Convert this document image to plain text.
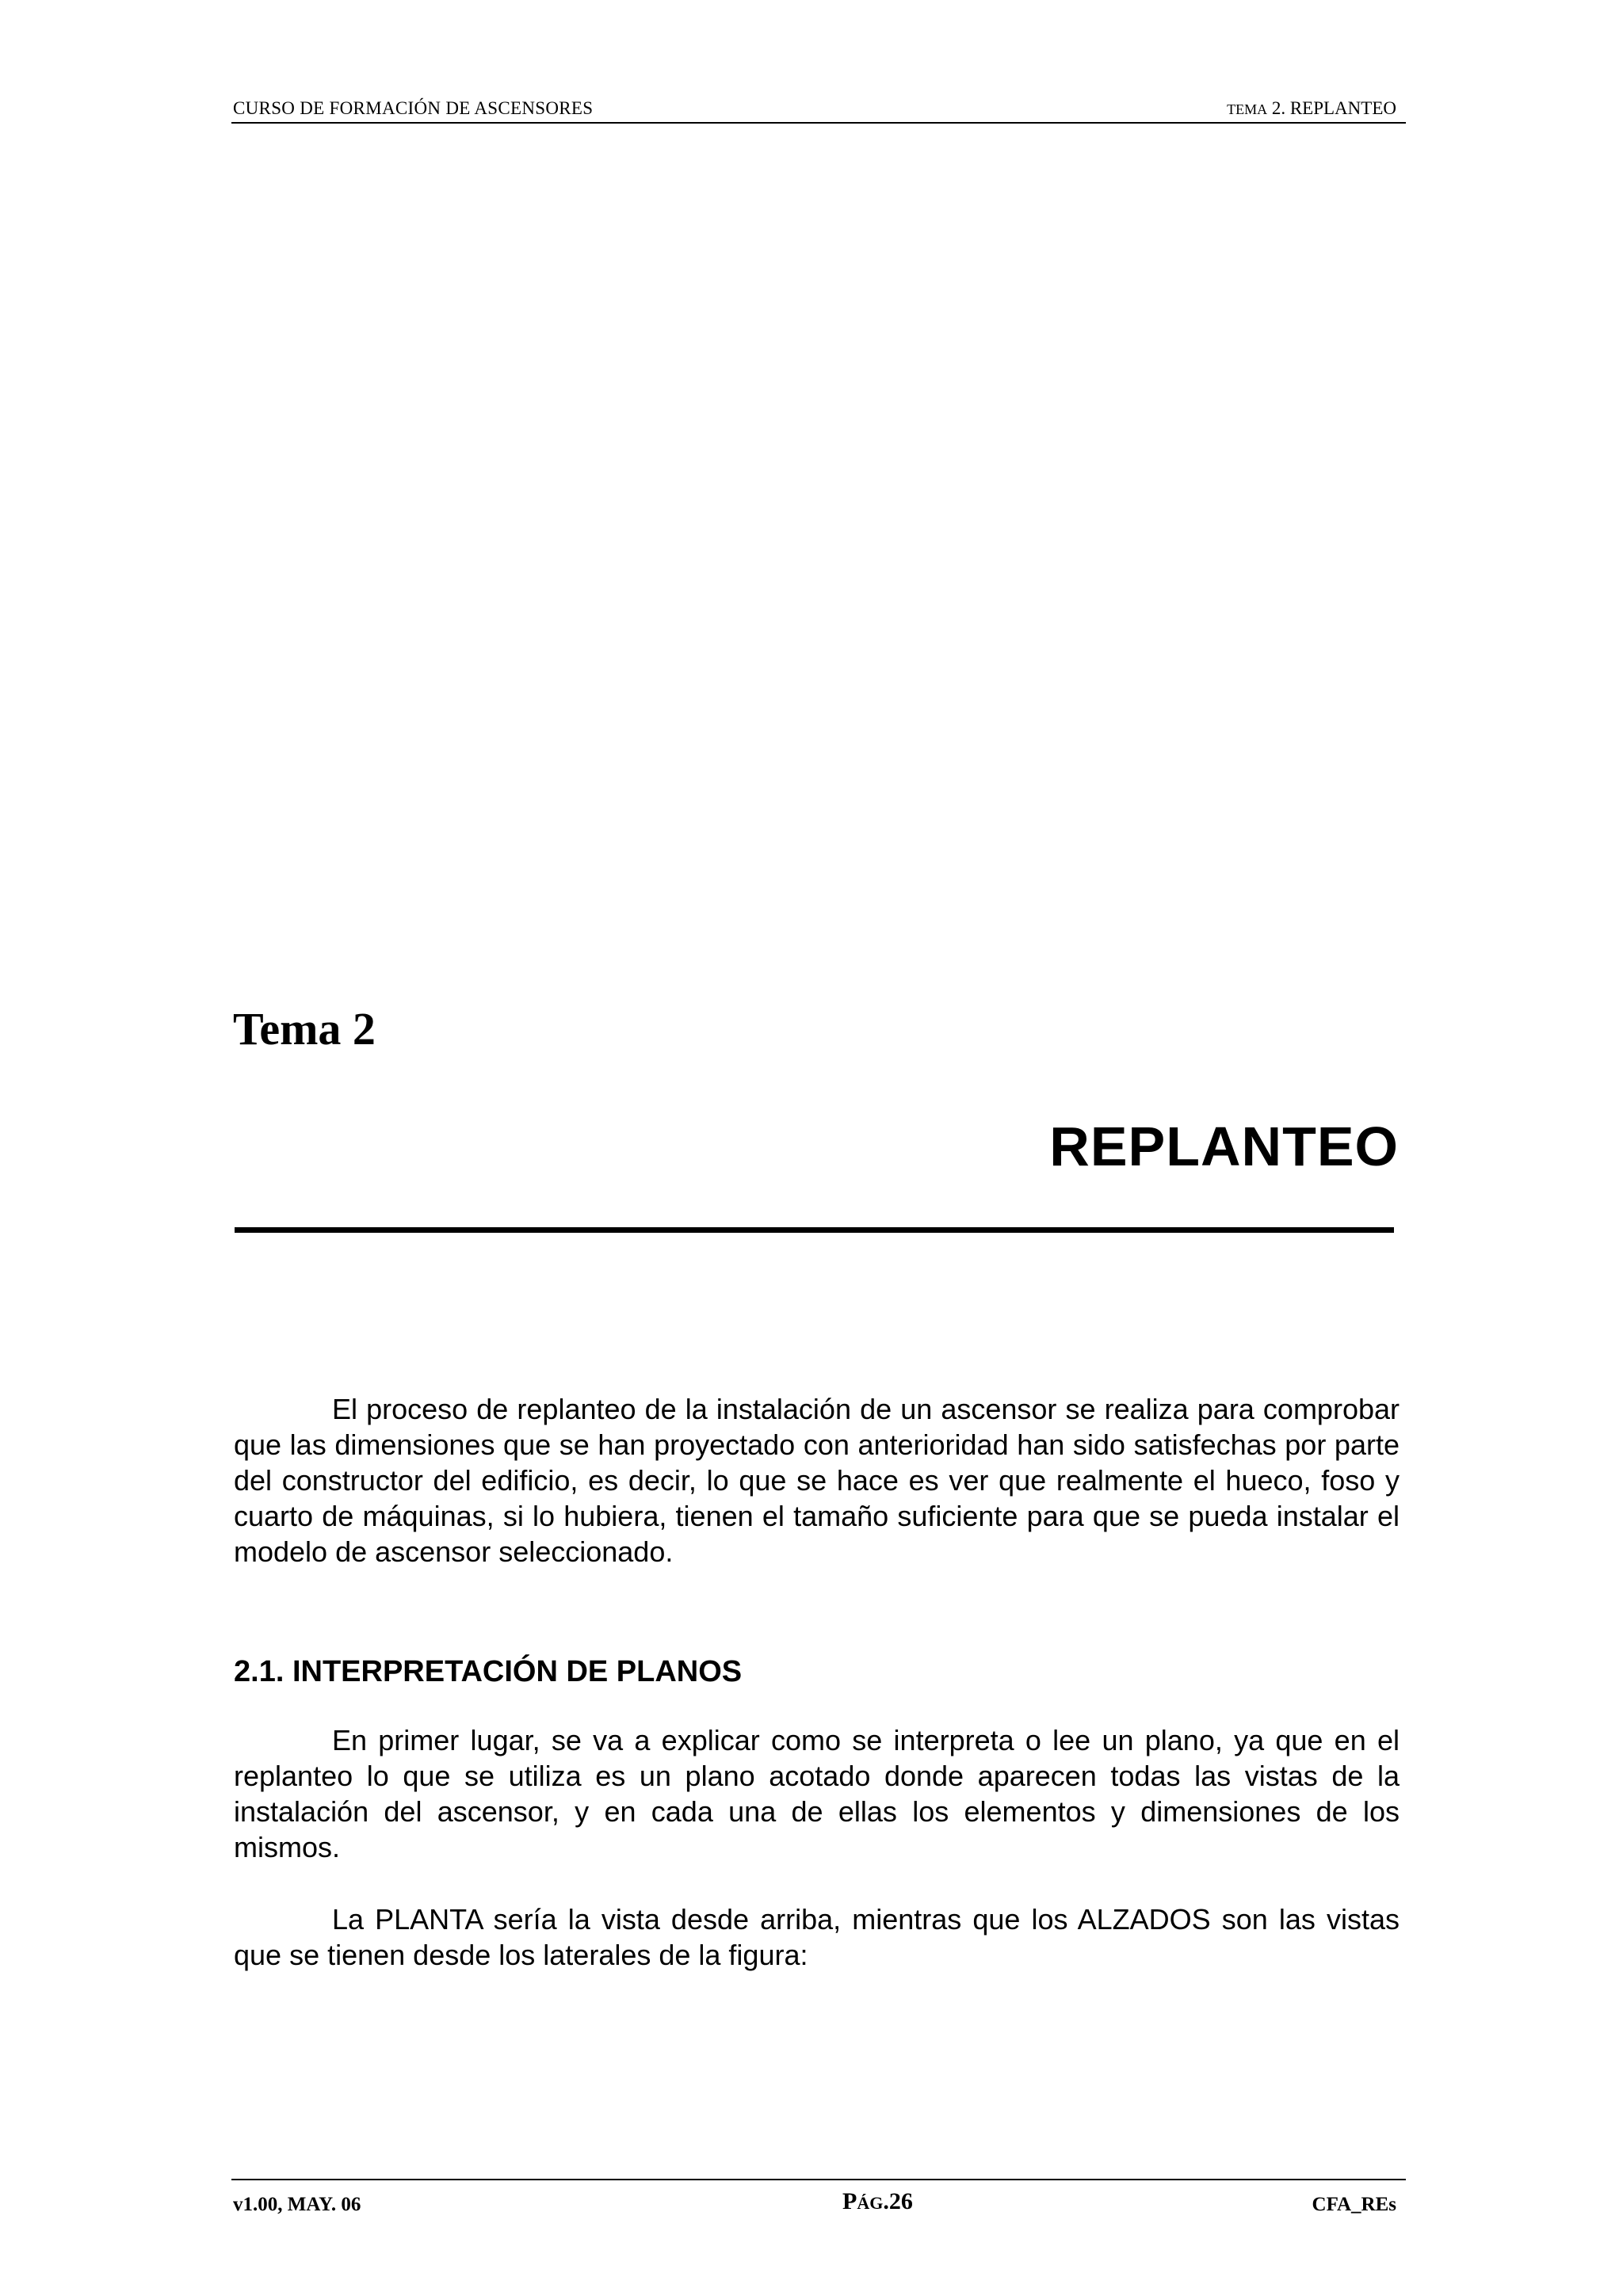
CURSO DE FORMACIÓN DE ASCENSORES	TEMA 2. REPLANTEO
Tema 2
REPLANTEO

El proceso de replanteo de la instalación de un ascensor se realiza para comprobar que las dimensiones que se han proyectado con anterioridad han sido satisfechas por parte del constructor del edificio, es decir, lo que se hace es ver que realmente el hueco, foso y cuarto de máquinas, si lo hubiera, tienen el tamaño suficiente para que se pueda instalar el modelo de ascensor seleccionado.

2.1. INTERPRETACIÓN DE PLANOS

En primer lugar, se va a explicar como se interpreta o lee un plano, ya que en el replanteo lo que se utiliza es un plano acotado donde aparecen todas las vistas de la instalación del ascensor, y en cada una de ellas los elementos y dimensiones de los mismos.

La PLANTA sería la vista desde arriba, mientras que los ALZADOS son las vistas que se tienen desde los laterales de la figura:

v1.00, MAY. 06	PÁG.26	CFA_REs
